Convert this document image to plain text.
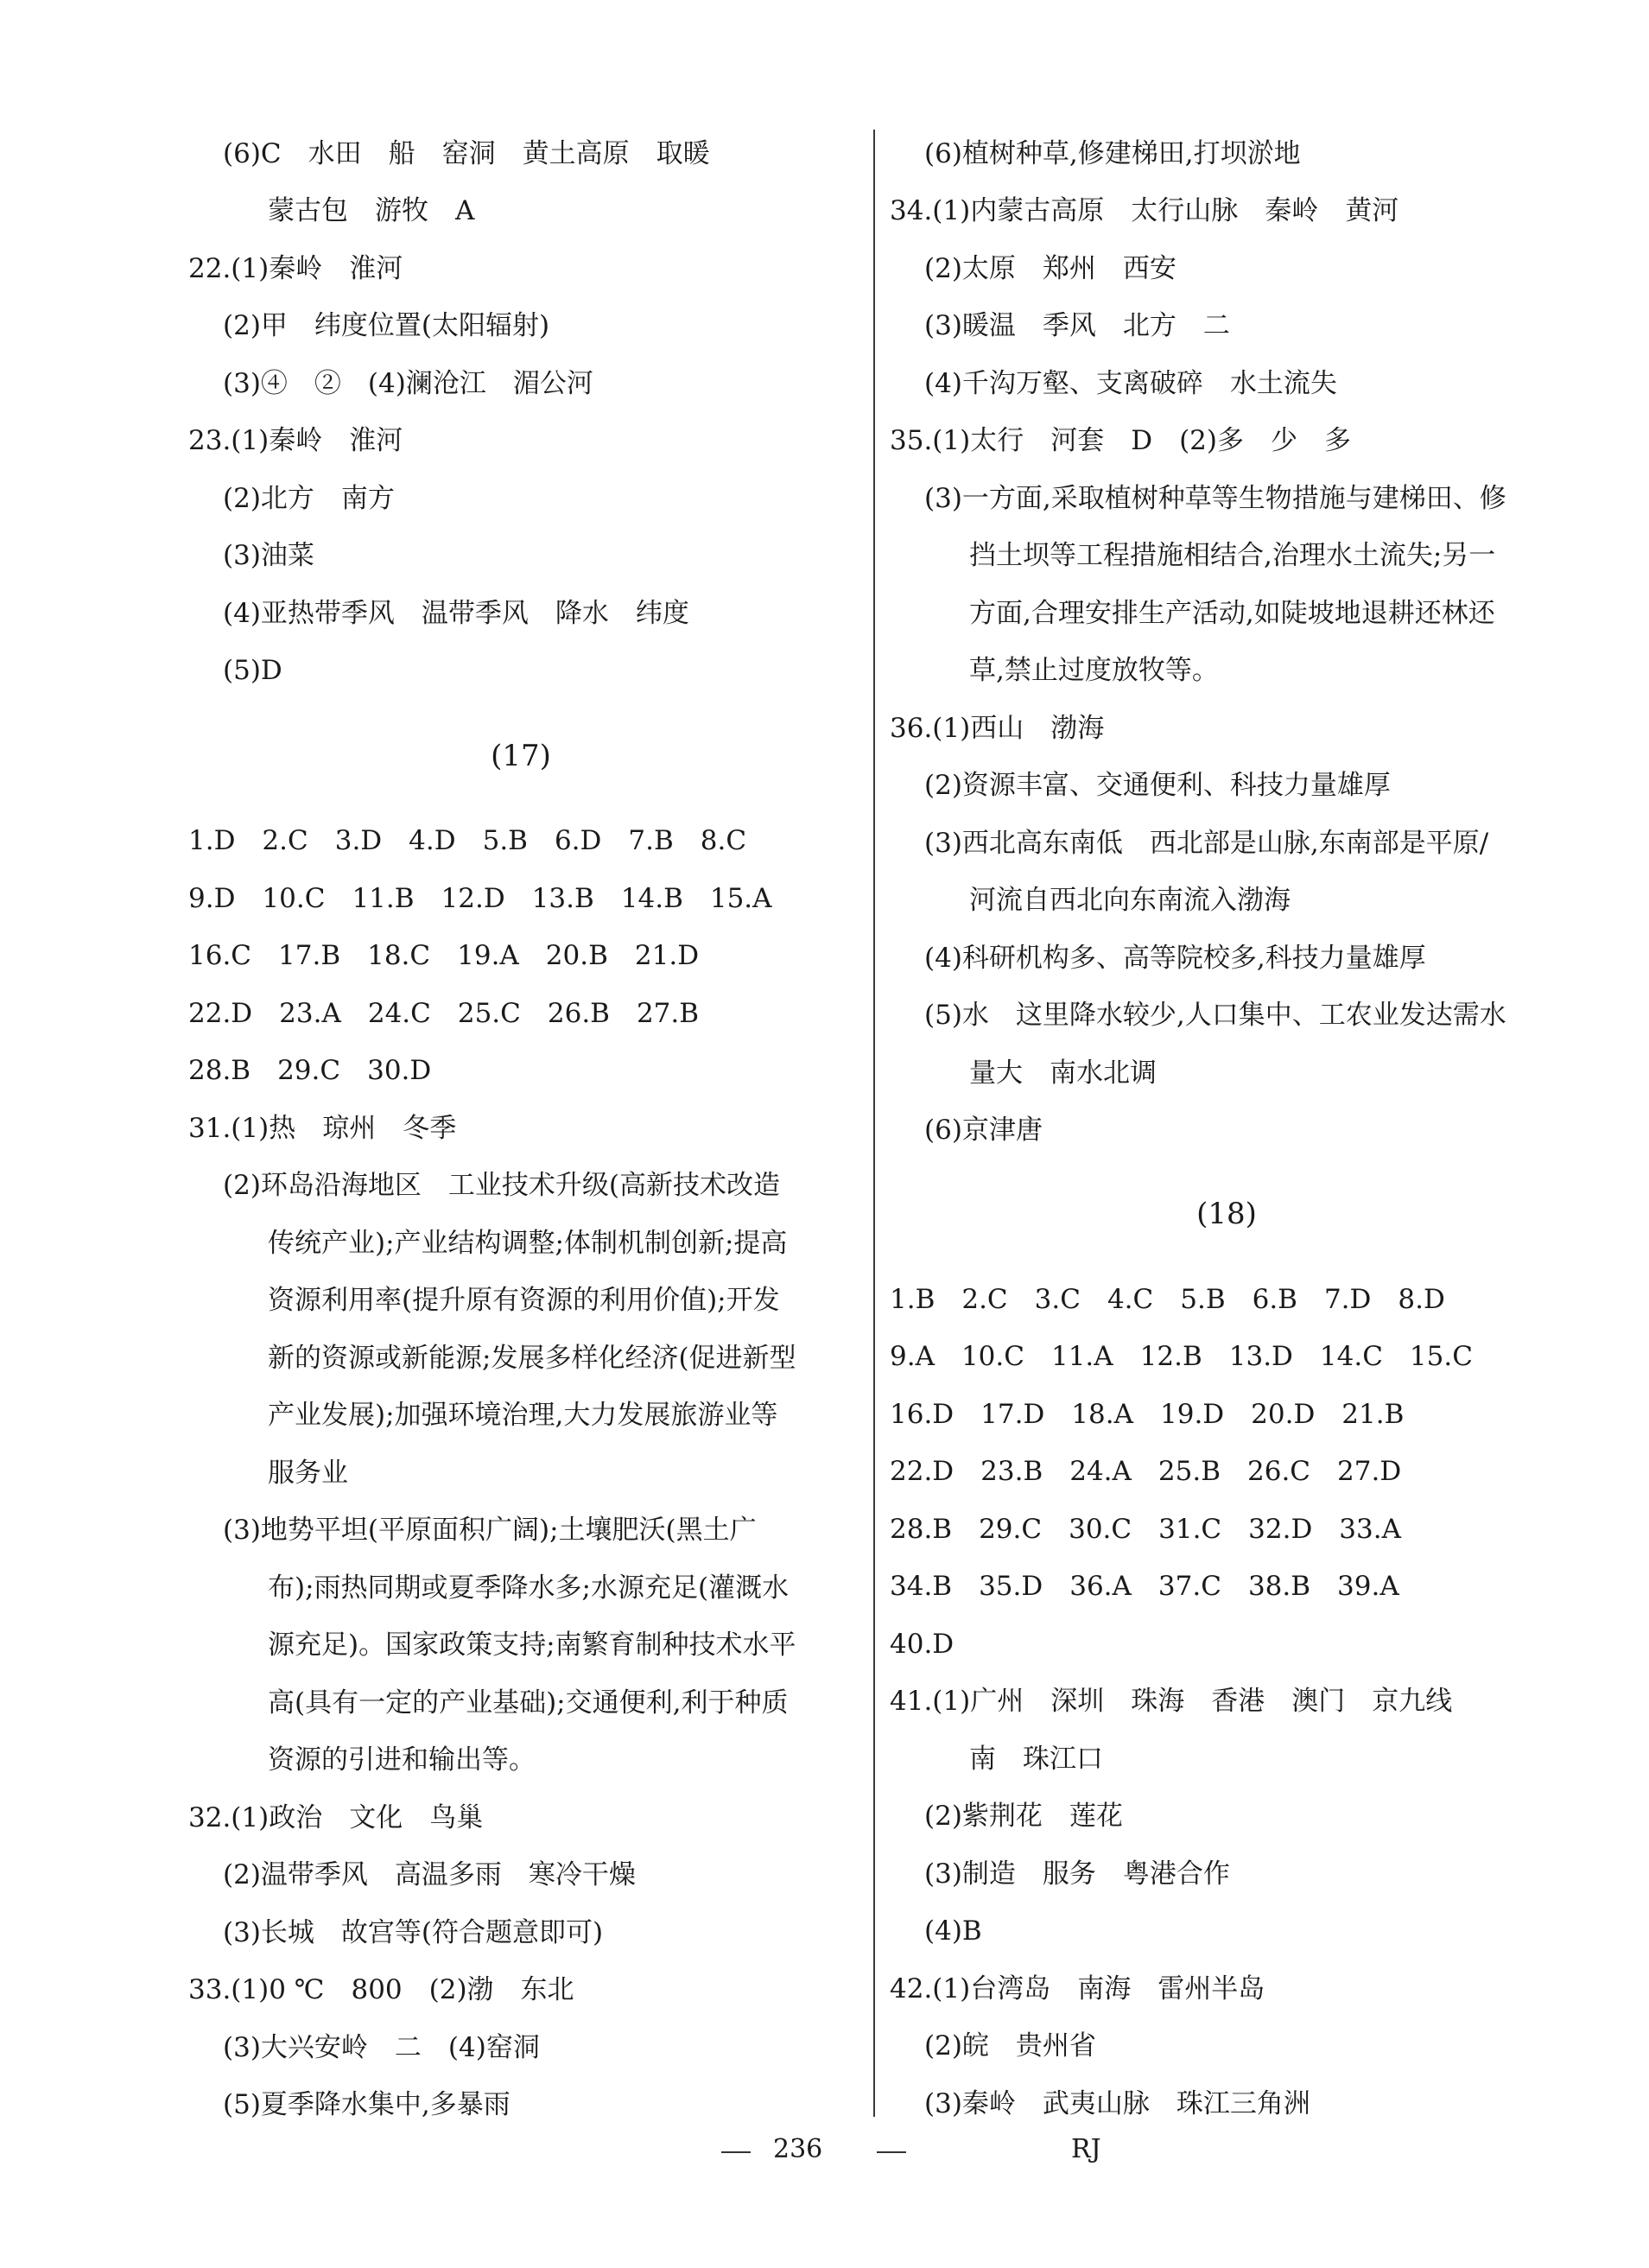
(6)C　水田　船　窑洞　黄土高原　取暖
蒙古包　游牧　A
22.(1)秦岭　淮河
(2)甲　纬度位置(太阳辐射)
(3)④　②　(4)澜沧江　湄公河
23.(1)秦岭　淮河
(2)北方　南方
(3)油菜
(4)亚热带季风　温带季风　降水　纬度
(5)D
(17)
1.D　2.C　3.D　4.D　5.B　6.D　7.B　8.C
9.D　10.C　11.B　12.D　13.B　14.B　15.A
16.C　17.B　18.C　19.A　20.B　21.D
22.D　23.A　24.C　25.C　26.B　27.B
28.B　29.C　30.D
31.(1)热　琼州　冬季
(2)环岛沿海地区　工业技术升级(高新技术改造
传统产业);产业结构调整;体制机制创新;提高
资源利用率(提升原有资源的利用价值);开发
新的资源或新能源;发展多样化经济(促进新型
产业发展);加强环境治理,大力发展旅游业等
服务业
(3)地势平坦(平原面积广阔);土壤肥沃(黑土广
布);雨热同期或夏季降水多;水源充足(灌溉水
源充足)。国家政策支持;南繁育制种技术水平
高(具有一定的产业基础);交通便利,利于种质
资源的引进和输出等。
32.(1)政治　文化　鸟巢
(2)温带季风　高温多雨　寒冷干燥
(3)长城　故宫等(符合题意即可)
33.(1)0 ℃　800　(2)渤　东北
(3)大兴安岭　二　(4)窑洞
(5)夏季降水集中,多暴雨
(6)植树种草,修建梯田,打坝淤地
34.(1)内蒙古高原　太行山脉　秦岭　黄河
(2)太原　郑州　西安
(3)暖温　季风　北方　二
(4)千沟万壑、支离破碎　水土流失
35.(1)太行　河套　D　(2)多　少　多
(3)一方面,采取植树种草等生物措施与建梯田、修
挡土坝等工程措施相结合,治理水土流失;另一
方面,合理安排生产活动,如陡坡地退耕还林还
草,禁止过度放牧等。
36.(1)西山　渤海
(2)资源丰富、交通便利、科技力量雄厚
(3)西北高东南低　西北部是山脉,东南部是平原/
河流自西北向东南流入渤海
(4)科研机构多、高等院校多,科技力量雄厚
(5)水　这里降水较少,人口集中、工农业发达需水
量大　南水北调
(6)京津唐
(18)
1.B　2.C　3.C　4.C　5.B　6.B　7.D　8.D
9.A　10.C　11.A　12.B　13.D　14.C　15.C
16.D　17.D　18.A　19.D　20.D　21.B
22.D　23.B　24.A　25.B　26.C　27.D
28.B　29.C　30.C　31.C　32.D　33.A
34.B　35.D　36.A　37.C　38.B　39.A
40.D
41.(1)广州　深圳　珠海　香港　澳门　京九线
南　珠江口
(2)紫荆花　莲花
(3)制造　服务　粤港合作
(4)B
42.(1)台湾岛　南海　雷州半岛
(2)皖　贵州省
(3)秦岭　武夷山脉　珠江三角洲
236	RJ
